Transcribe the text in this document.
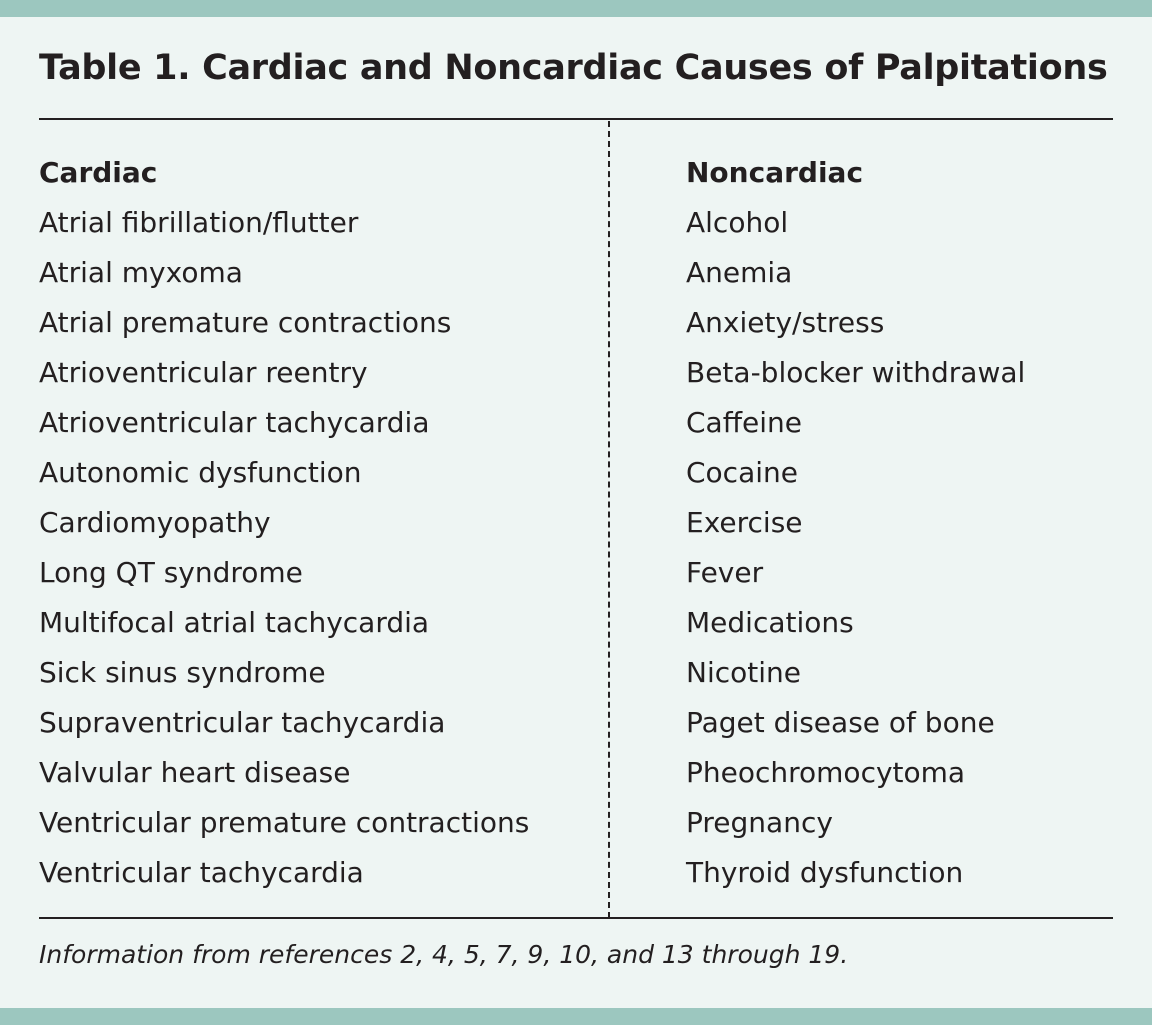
Table 1. Cardiac and Noncardiac Causes of Palpitations
Cardiac
Atrial fibrillation/flutter
Atrial myxoma
Atrial premature contractions
Atrioventricular reentry
Atrioventricular tachycardia
Autonomic dysfunction
Cardiomyopathy
Long QT syndrome
Multifocal atrial tachycardia
Sick sinus syndrome
Supraventricular tachycardia
Valvular heart disease
Ventricular premature contractions
Ventricular tachycardia
Noncardiac
Alcohol
Anemia
Anxiety/stress
Beta-blocker withdrawal
Caffeine
Cocaine
Exercise
Fever
Medications
Nicotine
Paget disease of bone
Pheochromocytoma
Pregnancy
Thyroid dysfunction
Information from references 2, 4, 5, 7, 9, 10, and 13 through 19.
